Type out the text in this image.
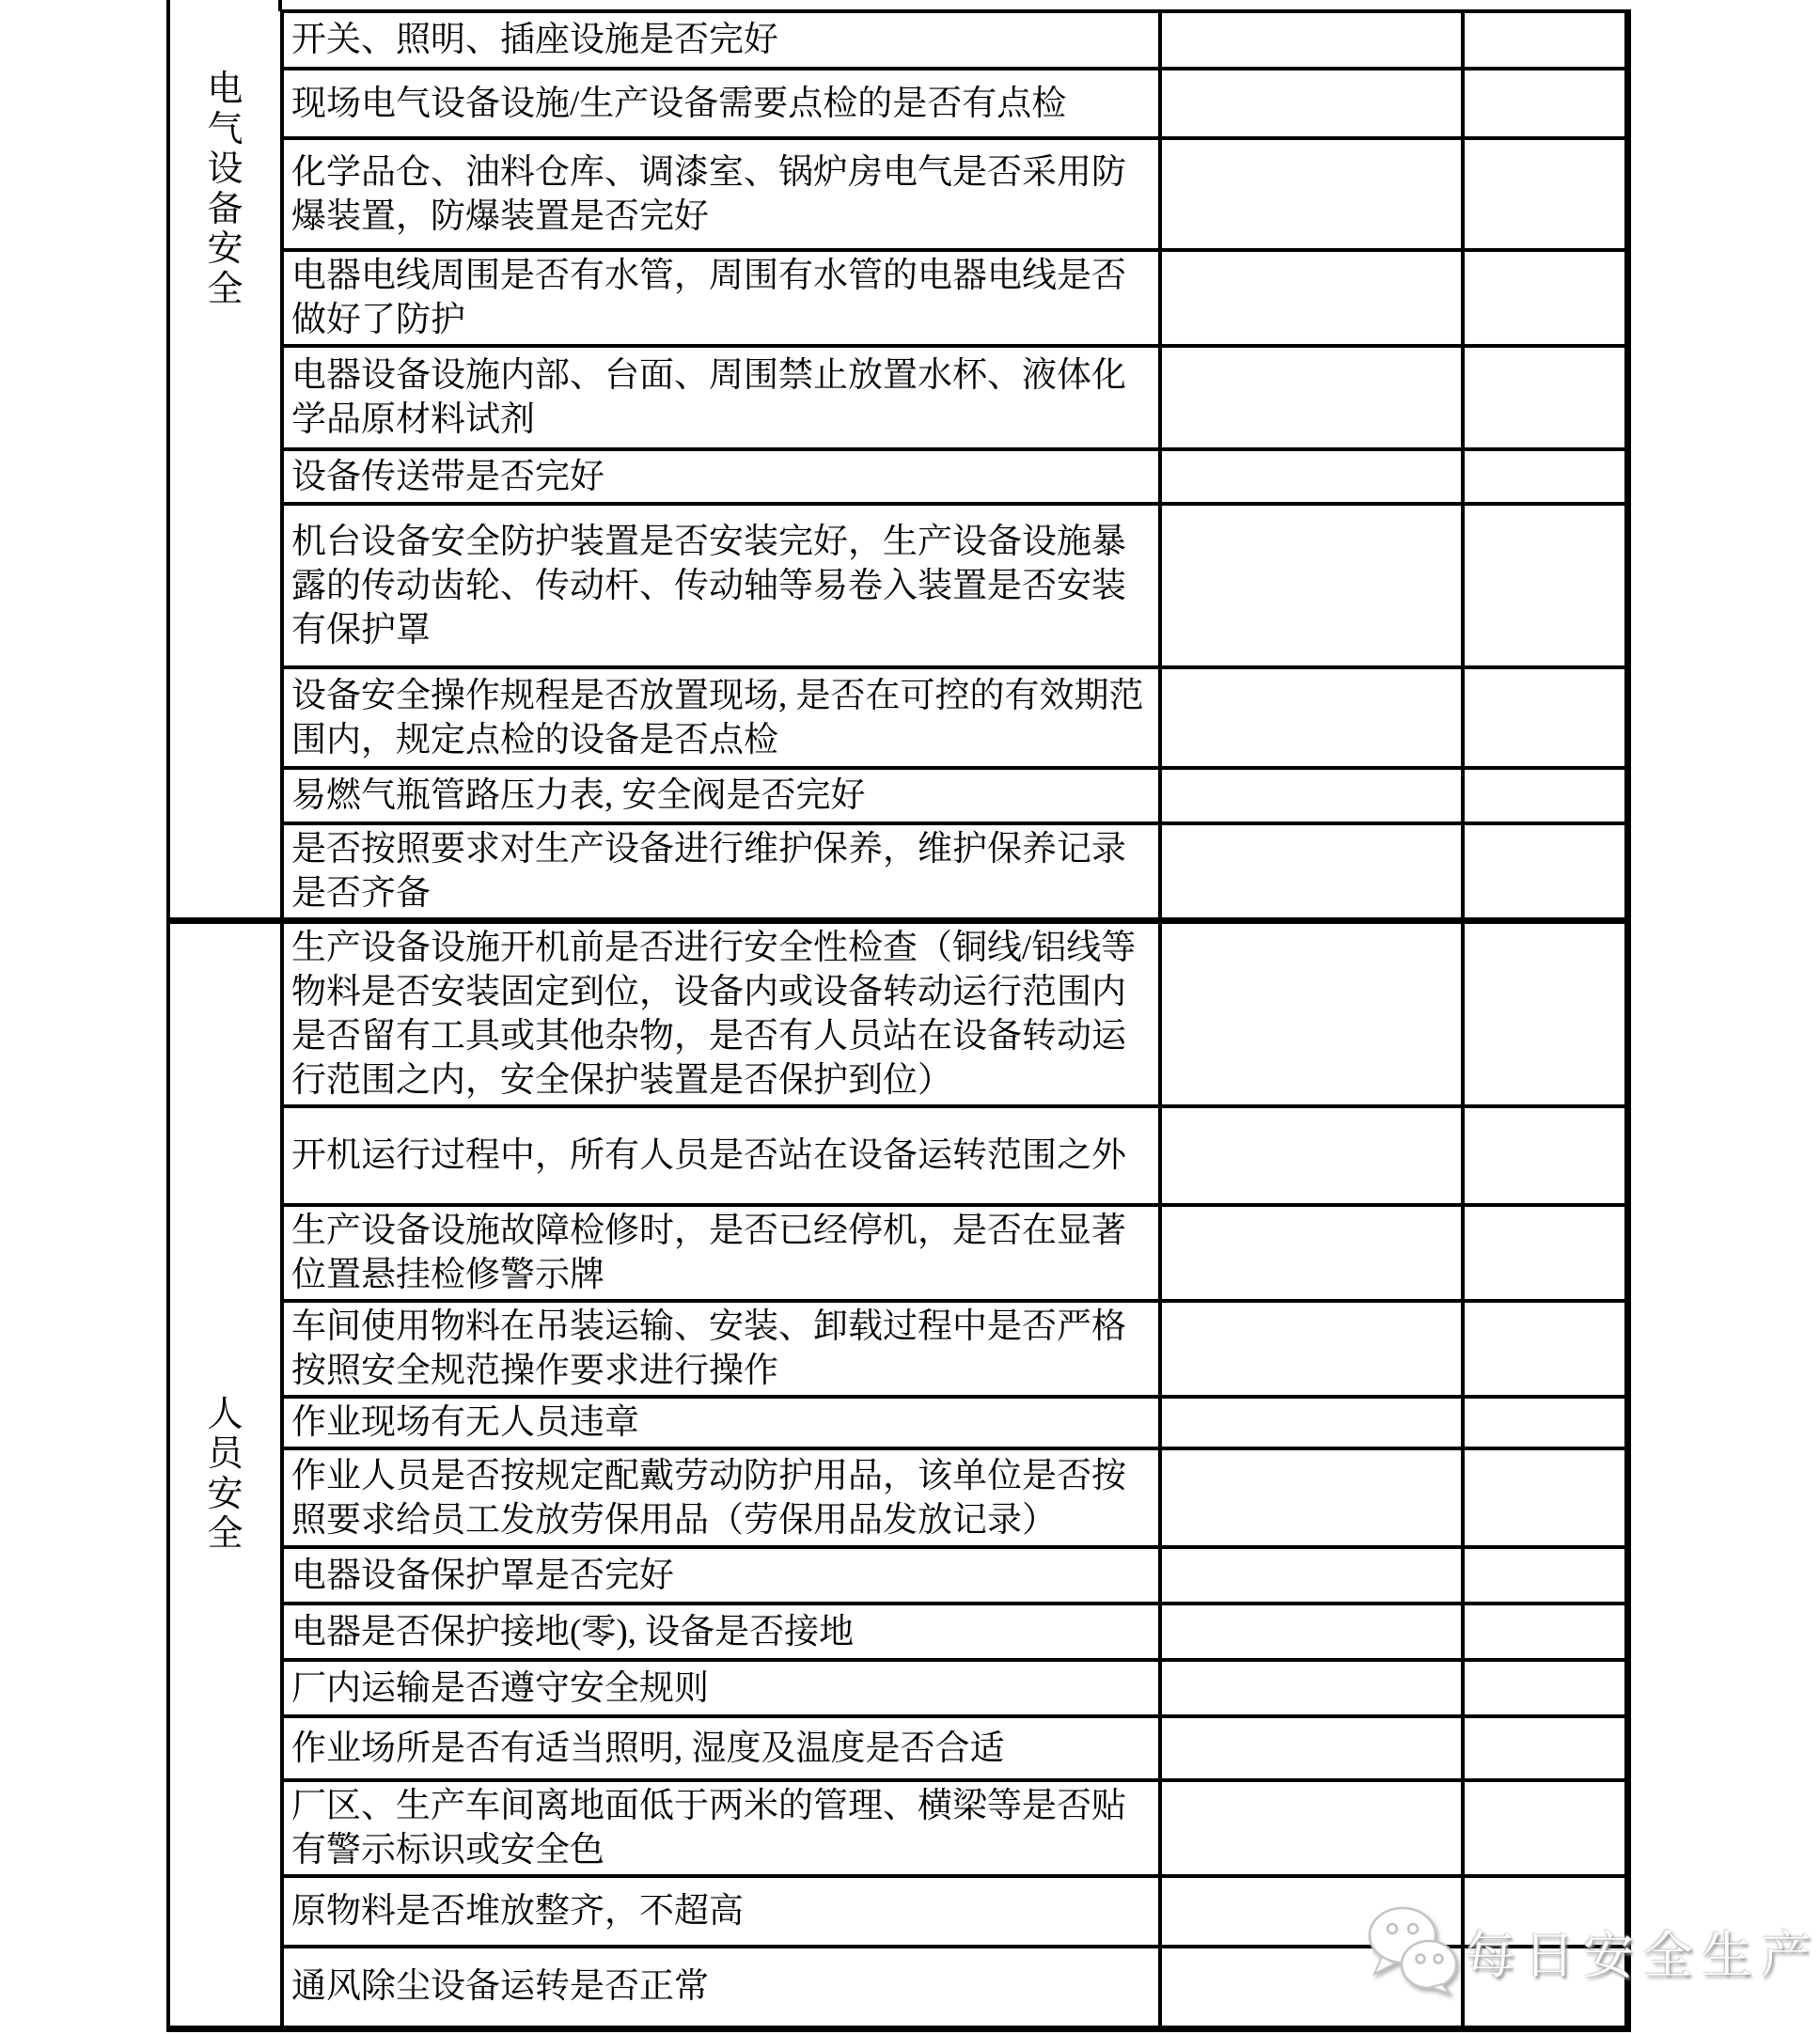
电气设备安全	开关、照明、插座设施是否完好		
	现场电气设备设施/生产设备需要点检的是否有点检		
	化学品仓、油料仓库、调漆室、锅炉房电气是否采用防爆装置，防爆装置是否完好		
	电器电线周围是否有水管，周围有水管的电器电线是否做好了防护		
	电器设备设施内部、台面、周围禁止放置水杯、液体化学品原材料试剂		
	设备传送带是否完好		
	机台设备安全防护装置是否安装完好，生产设备设施暴露的传动齿轮、传动杆、传动轴等易卷入装置是否安装有保护罩		
	设备安全操作规程是否放置现场, 是否在可控的有效期范围内，规定点检的设备是否点检		
	易燃气瓶管路压力表, 安全阀是否完好		
	是否按照要求对生产设备进行维护保养，维护保养记录是否齐备		

人员安全	生产设备设施开机前是否进行安全性检查（铜线/铝线等物料是否安装固定到位，设备内或设备转动运行范围内是否留有工具或其他杂物，是否有人员站在设备转动运行范围之内，安全保护装置是否保护到位）		
	开机运行过程中，所有人员是否站在设备运转范围之外		
	生产设备设施故障检修时，是否已经停机，是否在显著位置悬挂检修警示牌		
	车间使用物料在吊装运输、安装、卸载过程中是否严格按照安全规范操作要求进行操作		
	作业现场有无人员违章		
	作业人员是否按规定配戴劳动防护用品，该单位是否按照要求给员工发放劳保用品（劳保用品发放记录）		
	电器设备保护罩是否完好		
	电器是否保护接地(零), 设备是否接地		
	厂内运输是否遵守安全规则		
	作业场所是否有适当照明, 湿度及温度是否合适		
	厂区、生产车间离地面低于两米的管理、横梁等是否贴有警示标识或安全色		
	原物料是否堆放整齐，不超高		
	通风除尘设备运转是否正常		
每日安全生产
